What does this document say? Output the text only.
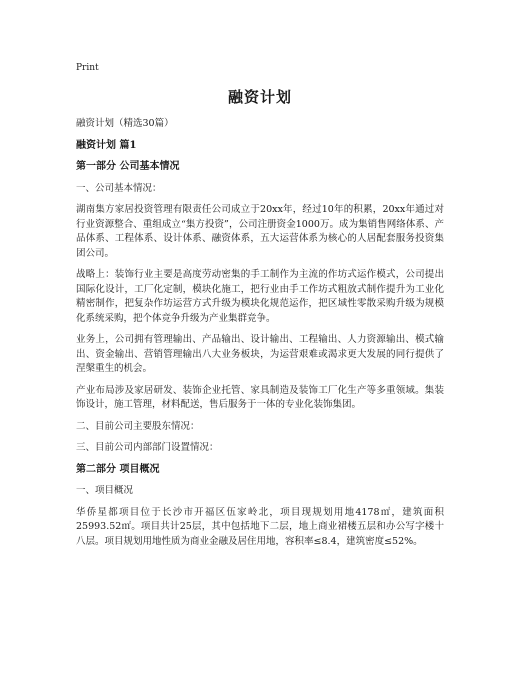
Print
融资计划

融资计划（精选30篇）

融资计划 篇1

第一部分 公司基本情况

一、公司基本情况：

湖南集方家居投资管理有限责任公司成立于20xx年，经过10年的积累，20xx年通过对行业资源整合、重组成立“集方投资”，公司注册资金1000万。成为集销售网络体系、产品体系、工程体系、设计体系、融资体系，五大运营体系为核心的人居配套服务投资集团公司。

战略上：装饰行业主要是高度劳动密集的手工制作为主流的作坊式运作模式，公司提出国际化设计，工厂化定制，模块化施工，把行业由手工作坊式粗放式制作提升为工业化精密制作，把复杂作坊运营方式升级为模块化规范运作，把区域性零散采购升级为规模化系统采购，把个体竞争升级为产业集群竞争。

业务上，公司拥有管理输出、产品输出、设计输出、工程输出、人力资源输出、模式输出、资金输出、营销管理输出八大业务板块，为运营艰难或渴求更大发展的同行提供了涅槃重生的机会。

产业布局涉及家居研发、装饰企业托管、家具制造及装饰工厂化生产等多重领域。集装饰设计，施工管理，材料配送，售后服务于一体的专业化装饰集团。

二、目前公司主要股东情况：

三、目前公司内部部门设置情况：

第二部分 项目概况

一、项目概况

华侨星都项目位于长沙市开福区伍家岭北，项目现规划用地4178㎡，建筑面积25993.52㎡。项目共计25层，其中包括地下二层，地上商业裙楼五层和办公写字楼十八层。项目规划用地性质为商业金融及居住用地，容积率≤8.4，建筑密度≤52%。
